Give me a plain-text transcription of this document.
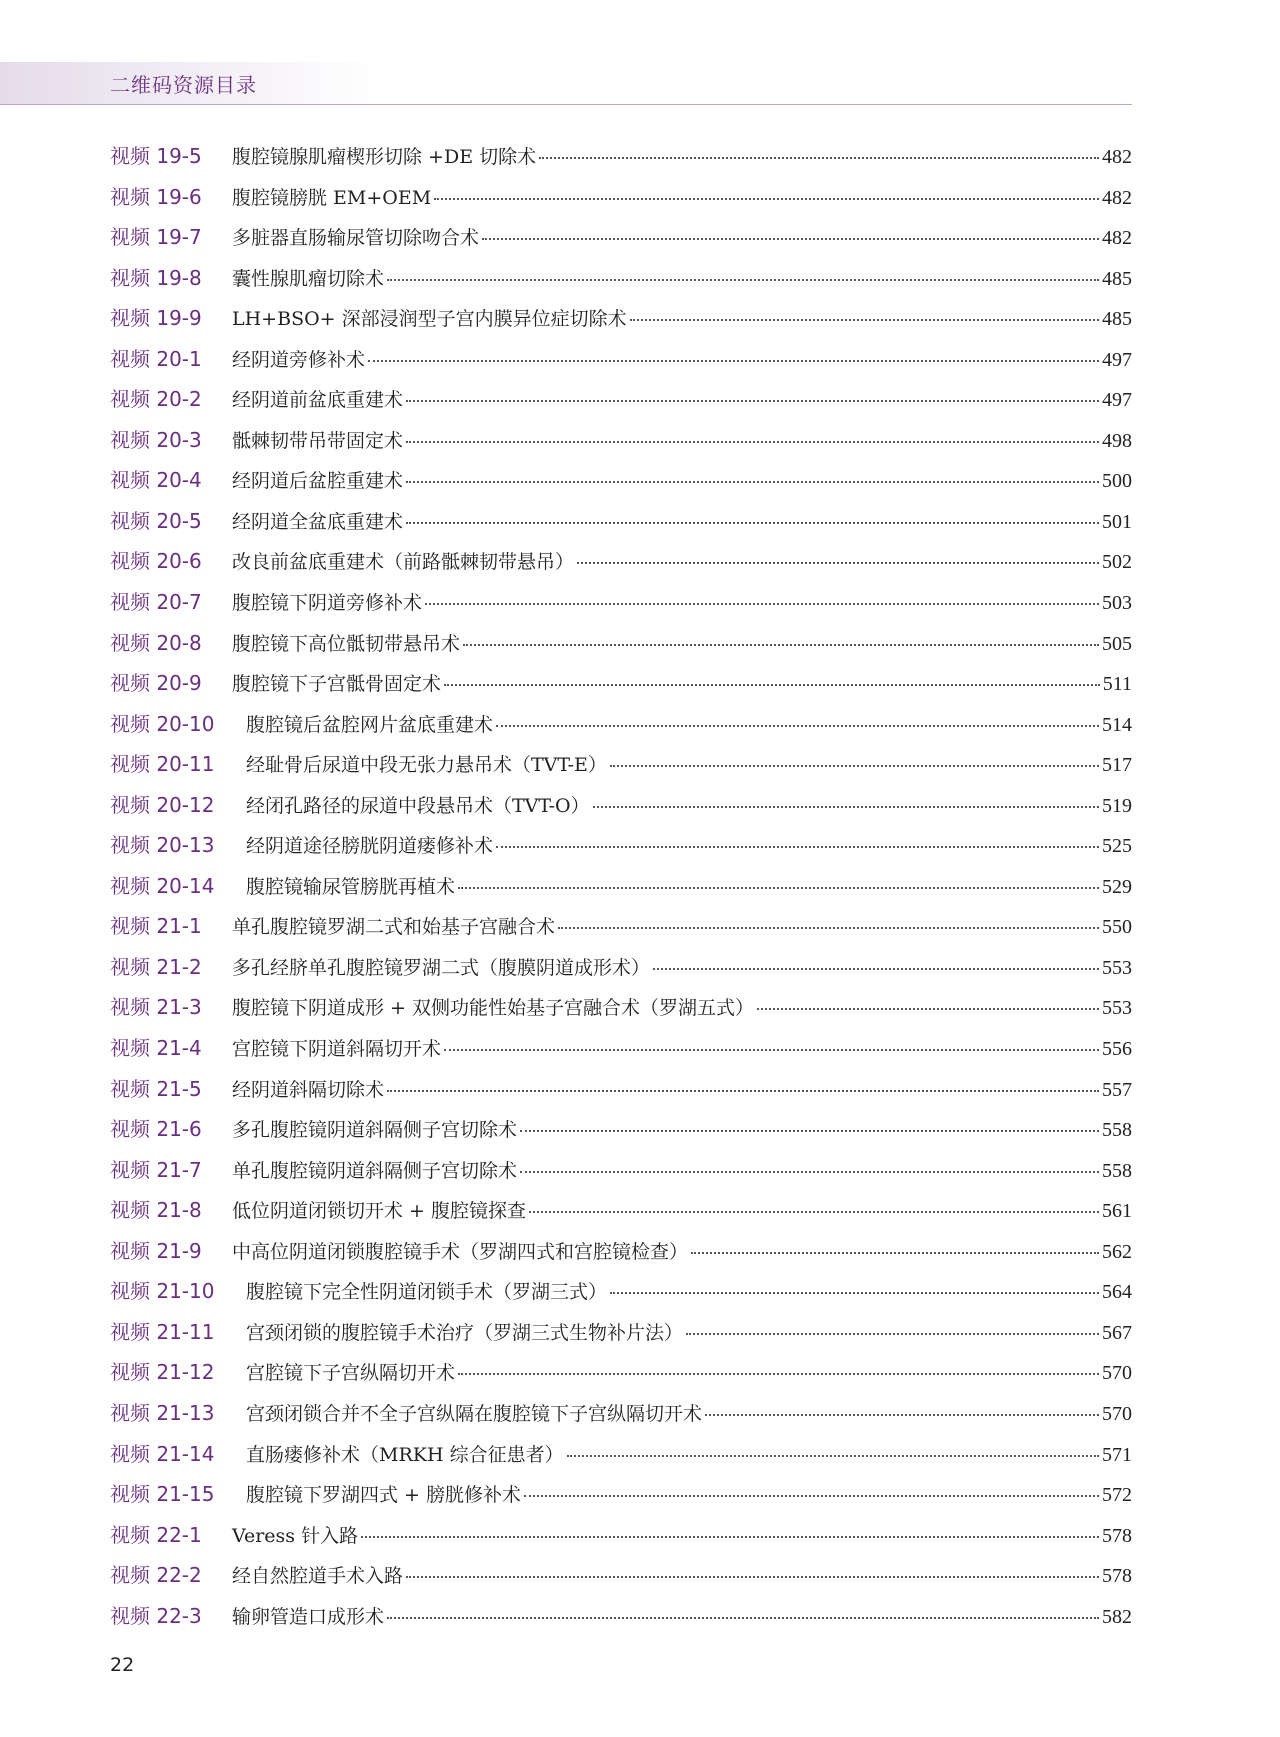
二维码资源目录
视频 19-5	腹腔镜腺肌瘤楔形切除 +DE 切除术	482
视频 19-6	腹腔镜膀胱 EM+OEM	482
视频 19-7	多脏器直肠输尿管切除吻合术	482
视频 19-8	囊性腺肌瘤切除术	485
视频 19-9	LH+BSO+ 深部浸润型子宫内膜异位症切除术	485
视频 20-1	经阴道旁修补术	497
视频 20-2	经阴道前盆底重建术	497
视频 20-3	骶棘韧带吊带固定术	498
视频 20-4	经阴道后盆腔重建术	500
视频 20-5	经阴道全盆底重建术	501
视频 20-6	改良前盆底重建术（前路骶棘韧带悬吊）	502
视频 20-7	腹腔镜下阴道旁修补术	503
视频 20-8	腹腔镜下高位骶韧带悬吊术	505
视频 20-9	腹腔镜下子宫骶骨固定术	511
视频 20-10	腹腔镜后盆腔网片盆底重建术	514
视频 20-11	经耻骨后尿道中段无张力悬吊术（TVT-E）	517
视频 20-12	经闭孔路径的尿道中段悬吊术（TVT-O）	519
视频 20-13	经阴道途径膀胱阴道瘘修补术	525
视频 20-14	腹腔镜输尿管膀胱再植术	529
视频 21-1	单孔腹腔镜罗湖二式和始基子宫融合术	550
视频 21-2	多孔经脐单孔腹腔镜罗湖二式（腹膜阴道成形术）	553
视频 21-3	腹腔镜下阴道成形 + 双侧功能性始基子宫融合术（罗湖五式）	553
视频 21-4	宫腔镜下阴道斜隔切开术	556
视频 21-5	经阴道斜隔切除术	557
视频 21-6	多孔腹腔镜阴道斜隔侧子宫切除术	558
视频 21-7	单孔腹腔镜阴道斜隔侧子宫切除术	558
视频 21-8	低位阴道闭锁切开术 + 腹腔镜探查	561
视频 21-9	中高位阴道闭锁腹腔镜手术（罗湖四式和宫腔镜检查）	562
视频 21-10	腹腔镜下完全性阴道闭锁手术（罗湖三式）	564
视频 21-11	宫颈闭锁的腹腔镜手术治疗（罗湖三式生物补片法）	567
视频 21-12	宫腔镜下子宫纵隔切开术	570
视频 21-13	宫颈闭锁合并不全子宫纵隔在腹腔镜下子宫纵隔切开术	570
视频 21-14	直肠瘘修补术（MRKH 综合征患者）	571
视频 21-15	腹腔镜下罗湖四式 + 膀胱修补术	572
视频 22-1	Veress 针入路	578
视频 22-2	经自然腔道手术入路	578
视频 22-3	输卵管造口成形术	582
22
